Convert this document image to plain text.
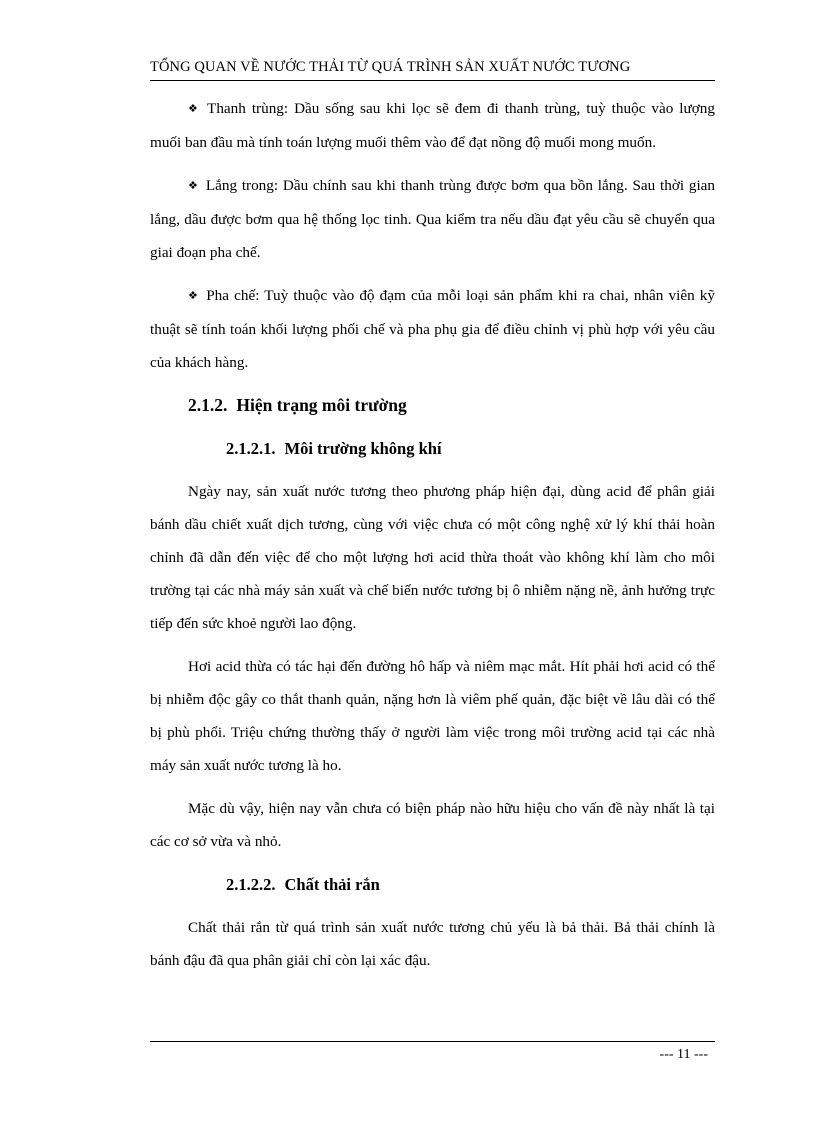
TỔNG QUAN VỀ NƯỚC THẢI TỪ QUÁ TRÌNH SẢN XUẤT NƯỚC TƯƠNG

❖ Thanh trùng: Dầu sống sau khi lọc sẽ đem đi thanh trùng, tuỳ thuộc vào lượng muối ban đầu mà tính toán lượng muối thêm vào để đạt nồng độ muối mong muốn.

❖ Lắng trong: Dầu chính sau khi thanh trùng được bơm qua bồn lắng. Sau thời gian lắng, dầu được bơm qua hệ thống lọc tinh. Qua kiểm tra nếu dầu đạt yêu cầu sẽ chuyển qua giai đoạn pha chế.

❖ Pha chế: Tuỳ thuộc vào độ đạm của mỗi loại sản phẩm khi ra chai, nhân viên kỹ thuật sẽ tính toán khối lượng phối chế và pha phụ gia để điều chỉnh vị phù hợp với yêu cầu của khách hàng.

2.1.2. Hiện trạng môi trường
2.1.2.1. Môi trường không khí

Ngày nay, sản xuất nước tương theo phương pháp hiện đại, dùng acid để phân giải bánh dầu chiết xuất dịch tương, cùng với việc chưa có một công nghệ xử lý khí thải hoàn chỉnh đã dẫn đến việc để cho một lượng hơi acid thừa thoát vào không khí làm cho môi trường tại các nhà máy sản xuất và chế biến nước tương bị ô nhiễm nặng nề, ảnh hưởng trực tiếp đến sức khoẻ người lao động.

Hơi acid thừa có tác hại đến đường hô hấp và niêm mạc mắt. Hít phải hơi acid có thể bị nhiễm độc gây co thắt thanh quản, nặng hơn là viêm phế quản, đặc biệt về lâu dài có thể bị phù phổi. Triệu chứng thường thấy ở người làm việc trong môi trường acid tại các nhà máy sản xuất nước tương là ho.

Mặc dù vậy, hiện nay vẫn chưa có biện pháp nào hữu hiệu cho vấn đề này nhất là tại các cơ sở vừa và nhỏ.

2.1.2.2. Chất thải rắn

Chất thải rắn từ quá trình sản xuất nước tương chủ yếu là bả thải. Bả thải chính là bánh đậu đã qua phân giải chỉ còn lại xác đậu.

--- 11 ---
